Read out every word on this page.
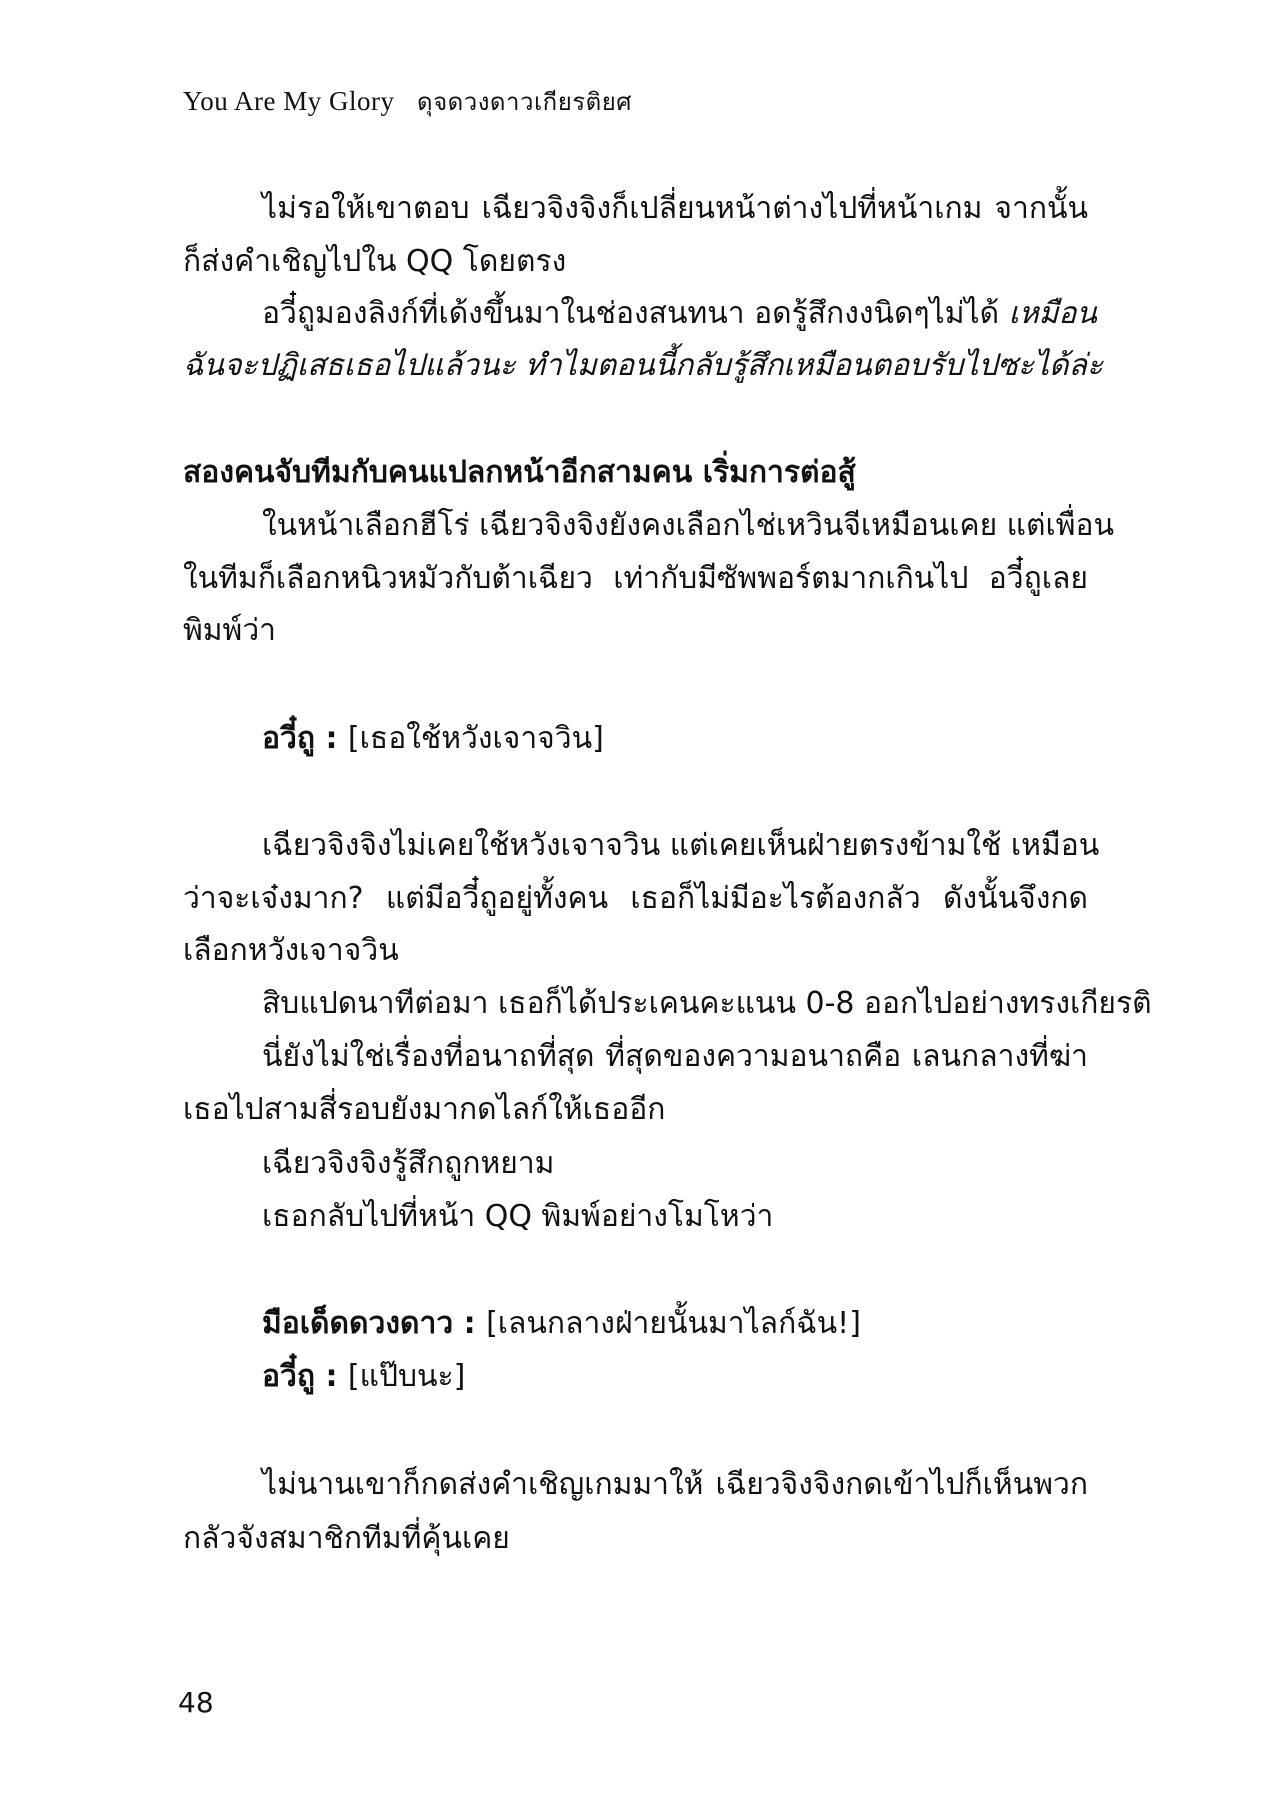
You Are My Glory ดุจดวงดาวเกียรติยศ
ไม่รอให้เขาตอบ เฉียวจิงจิงก็เปลี่ยนหน้าต่างไปที่หน้าเกม จากนั้น
ก็ส่งคำเชิญไปใน QQ โดยตรง
อวี๋ถูมองลิงก์ที่เด้งขึ้นมาในช่องสนทนา อดรู้สึกงงนิดๆไม่ได้ เหมือน
ฉันจะปฏิเสธเธอไปแล้วนะ ทำไมตอนนี้กลับรู้สึกเหมือนตอบรับไปซะได้ล่ะ
สองคนจับทีมกับคนแปลกหน้าอีกสามคน เริ่มการต่อสู้
ในหน้าเลือกฮีโร่ เฉียวจิงจิงยังคงเลือกไช่เหวินจีเหมือนเคย แต่เพื่อน
ในทีมก็เลือกหนิวหมัวกับต้าเฉียว เท่ากับมีซัพพอร์ตมากเกินไป อวี๋ถูเลย
พิมพ์ว่า
อวี๋ถู : [เธอใช้หวังเจาจวิน]
เฉียวจิงจิงไม่เคยใช้หวังเจาจวิน แต่เคยเห็นฝ่ายตรงข้ามใช้ เหมือน
ว่าจะเจ๋งมาก? แต่มีอวี๋ถูอยู่ทั้งคน เธอก็ไม่มีอะไรต้องกลัว ดังนั้นจึงกด
เลือกหวังเจาจวิน
สิบแปดนาทีต่อมา เธอก็ได้ประเคนคะแนน 0-8 ออกไปอย่างทรงเกียรติ
นี่ยังไม่ใช่เรื่องที่อนาถที่สุด ที่สุดของความอนาถคือ เลนกลางที่ฆ่า
เธอไปสามสี่รอบยังมากดไลก์ให้เธออีก
เฉียวจิงจิงรู้สึกถูกหยาม
เธอกลับไปที่หน้า QQ พิมพ์อย่างโมโหว่า
มือเด็ดดวงดาว : [เลนกลางฝ่ายนั้นมาไลก์ฉัน!]
อวี๋ถู : [แป๊บนะ]
ไม่นานเขาก็กดส่งคำเชิญเกมมาให้ เฉียวจิงจิงกดเข้าไปก็เห็นพวก
กลัวจังสมาชิกทีมที่คุ้นเคย
48
